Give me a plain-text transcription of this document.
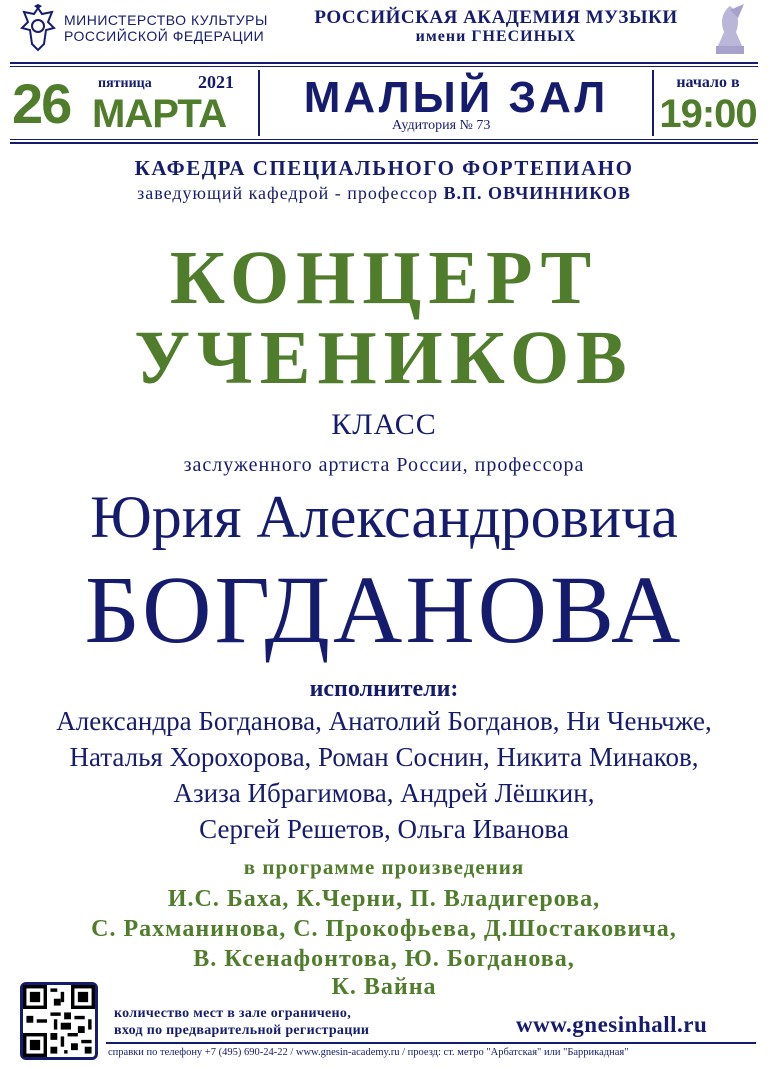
МИНИСТЕРСТВО КУЛЬТУРЫ
РОССИЙСКОЙ ФЕДЕРАЦИИ
РОССИЙСКАЯ АКАДЕМИЯ МУЗЫКИ
имени ГНЕСИНЫХ
26 пятница	2021
МАРТА	МАЛЫЙ ЗАЛ
Аудитория № 73
начало в
19:00
КАФЕДРА СПЕЦИАЛЬНОГО ФОРТЕПИАНО
заведующий кафедрой - профессор В.П. ОВЧИННИКОВ
КОНЦЕРТ
УЧЕНИКОВ
КЛАСС
заслуженного артиста России, профессора
Юрия Александровича
БОГДАНОВА
исполнители:
Александра Богданова, Анатолий Богданов, Ни Ченьчже,
Наталья Хорохорова, Роман Соснин, Никита Минаков,
Азиза Ибрагимова, Андрей Лёшкин,
Сергей Решетов, Ольга Иванова
в программе произведения
И.С. Баха, К.Черни, П. Владигерова,
С. Рахманинова, С. Прокофьева, Д.Шостаковича,
В. Ксенафонтова, Ю. Богданова,
К. Вайна
количество мест в зале ограничено,
вход по предварительной регистрации	www.gnesinhall.ru
справки по телефону +7 (495) 690-24-22 / www.gnesin-academy.ru / проезд: ст. метро "Арбатская" или "Баррикадная"
